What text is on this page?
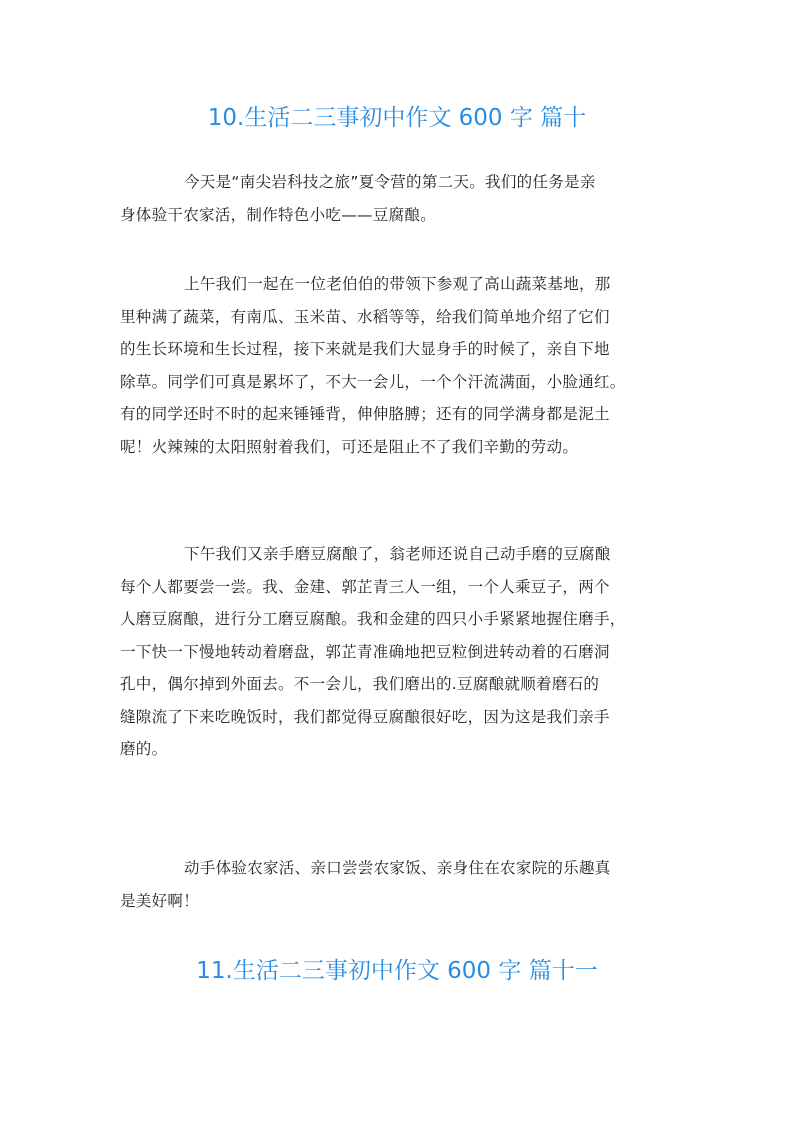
10.生活二三事初中作文 600 字 篇十
今天是“南尖岩科技之旅”夏令营的第二天。我们的任务是亲
身体验干农家活，制作特色小吃——豆腐酿。
上午我们一起在一位老伯伯的带领下参观了高山蔬菜基地，那
里种满了蔬菜，有南瓜、玉米苗、水稻等等，给我们简单地介绍了它们
的生长环境和生长过程，接下来就是我们大显身手的时候了，亲自下地
除草。同学们可真是累坏了，不大一会儿，一个个汗流满面，小脸通红。
有的同学还时不时的起来锤锤背，伸伸胳膊；还有的同学满身都是泥土
呢！火辣辣的太阳照射着我们，可还是阻止不了我们辛勤的劳动。
下午我们又亲手磨豆腐酿了，翁老师还说自己动手磨的豆腐酿
每个人都要尝一尝。我、金建、郭芷青三人一组，一个人乘豆子，两个
人磨豆腐酿，进行分工磨豆腐酿。我和金建的四只小手紧紧地握住磨手，
一下快一下慢地转动着磨盘，郭芷青准确地把豆粒倒进转动着的石磨洞
孔中，偶尔掉到外面去。不一会儿，我们磨出的.豆腐酿就顺着磨石的
缝隙流了下来吃晚饭时，我们都觉得豆腐酿很好吃，因为这是我们亲手
磨的。
动手体验农家活、亲口尝尝农家饭、亲身住在农家院的乐趣真
是美好啊！
11.生活二三事初中作文 600 字 篇十一
